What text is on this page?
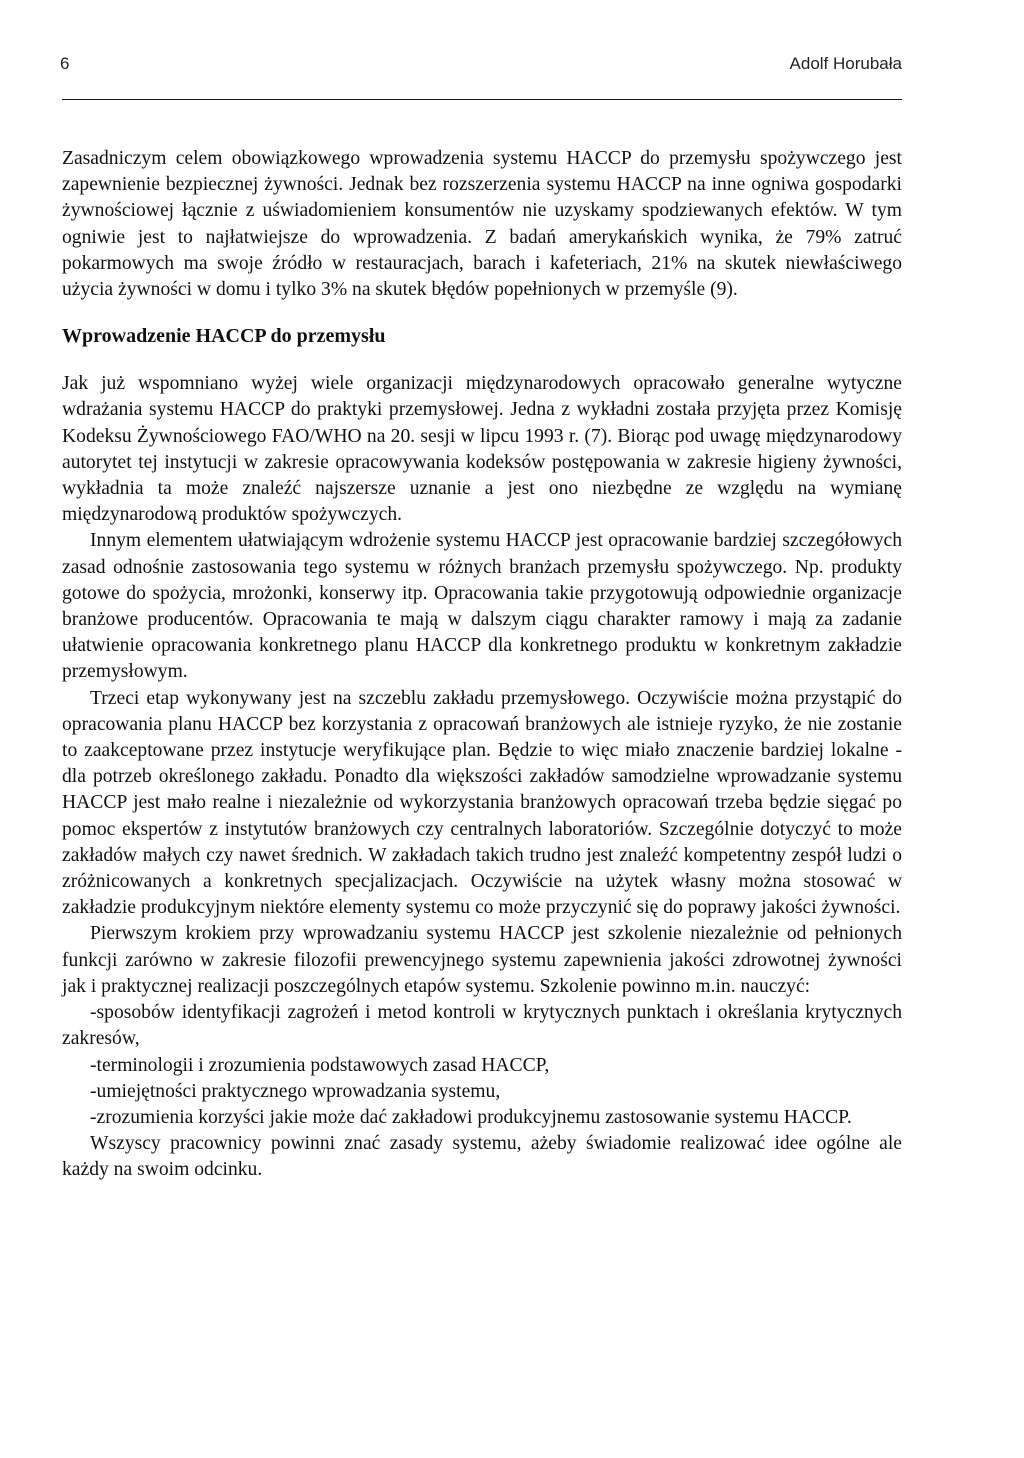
6	Adolf Horubała

Zasadniczym celem obowiązkowego wprowadzenia systemu HACCP do przemysłu spożywczego jest zapewnienie bezpiecznej żywności. Jednak bez rozszerzenia systemu HACCP na inne ogniwa gospodarki żywnościowej łącznie z uświadomieniem konsumentów nie uzyskamy spodziewanych efektów. W tym ogniwie jest to najłatwiejsze do wprowadzenia. Z badań amerykańskich wynika, że 79% zatruć pokarmowych ma swoje źródło w restauracjach, barach i kafeteriach, 21% na skutek niewłaściwego użycia żywności w domu i tylko 3% na skutek błędów popełnionych w przemyśle (9).

Wprowadzenie HACCP do przemysłu

Jak już wspomniano wyżej wiele organizacji międzynarodowych opracowało generalne wytyczne wdrażania systemu HACCP do praktyki przemysłowej. Jedna z wykładni została przyjęta przez Komisję Kodeksu Żywnościowego FAO/WHO na 20. sesji w lipcu 1993 r. (7). Biorąc pod uwagę międzynarodowy autorytet tej instytucji w zakresie opracowywania kodeksów postępowania w zakresie higieny żywności, wykładnia ta może znaleźć najszersze uznanie a jest ono niezbędne ze względu na wymianę międzynarodową produktów spożywczych.

Innym elementem ułatwiającym wdrożenie systemu HACCP jest opracowanie bardziej szczegółowych zasad odnośnie zastosowania tego systemu w różnych branżach przemysłu spożywczego. Np. produkty gotowe do spożycia, mrożonki, konserwy itp. Opracowania takie przygotowują odpowiednie organizacje branżowe producentów. Opracowania te mają w dalszym ciągu charakter ramowy i mają za zadanie ułatwienie opracowania konkretnego planu HACCP dla konkretnego produktu w konkretnym zakładzie przemysłowym.

Trzeci etap wykonywany jest na szczeblu zakładu przemysłowego. Oczywiście można przystąpić do opracowania planu HACCP bez korzystania z opracowań branżowych ale istnieje ryzyko, że nie zostanie to zaakceptowane przez instytucje weryfikujące plan. Będzie to więc miało znaczenie bardziej lokalne - dla potrzeb określonego zakładu. Ponadto dla większości zakładów samodzielne wprowadzanie systemu HACCP jest mało realne i niezależnie od wykorzystania branżowych opracowań trzeba będzie sięgać po pomoc ekspertów z instytutów branżowych czy centralnych laboratoriów. Szczególnie dotyczyć to może zakładów małych czy nawet średnich. W zakładach takich trudno jest znaleźć kompetentny zespół ludzi o zróżnicowanych a konkretnych specjalizacjach. Oczywiście na użytek własny można stosować w zakładzie produkcyjnym niektóre elementy systemu co może przyczynić się do poprawy jakości żywności.

Pierwszym krokiem przy wprowadzaniu systemu HACCP jest szkolenie niezależnie od pełnionych funkcji zarówno w zakresie filozofii prewencyjnego systemu zapewnienia jakości zdrowotnej żywności jak i praktycznej realizacji poszczególnych etapów systemu. Szkolenie powinno m.in. nauczyć:

-sposobów identyfikacji zagrożeń i metod kontroli w krytycznych punktach i określania krytycznych zakresów,

-terminologii i zrozumienia podstawowych zasad HACCP,

-umiejętności praktycznego wprowadzania systemu,

-zrozumienia korzyści jakie może dać zakładowi produkcyjnemu zastosowanie systemu HACCP.

Wszyscy pracownicy powinni znać zasady systemu, ażeby świadomie realizować idee ogólne ale każdy na swoim odcinku.
